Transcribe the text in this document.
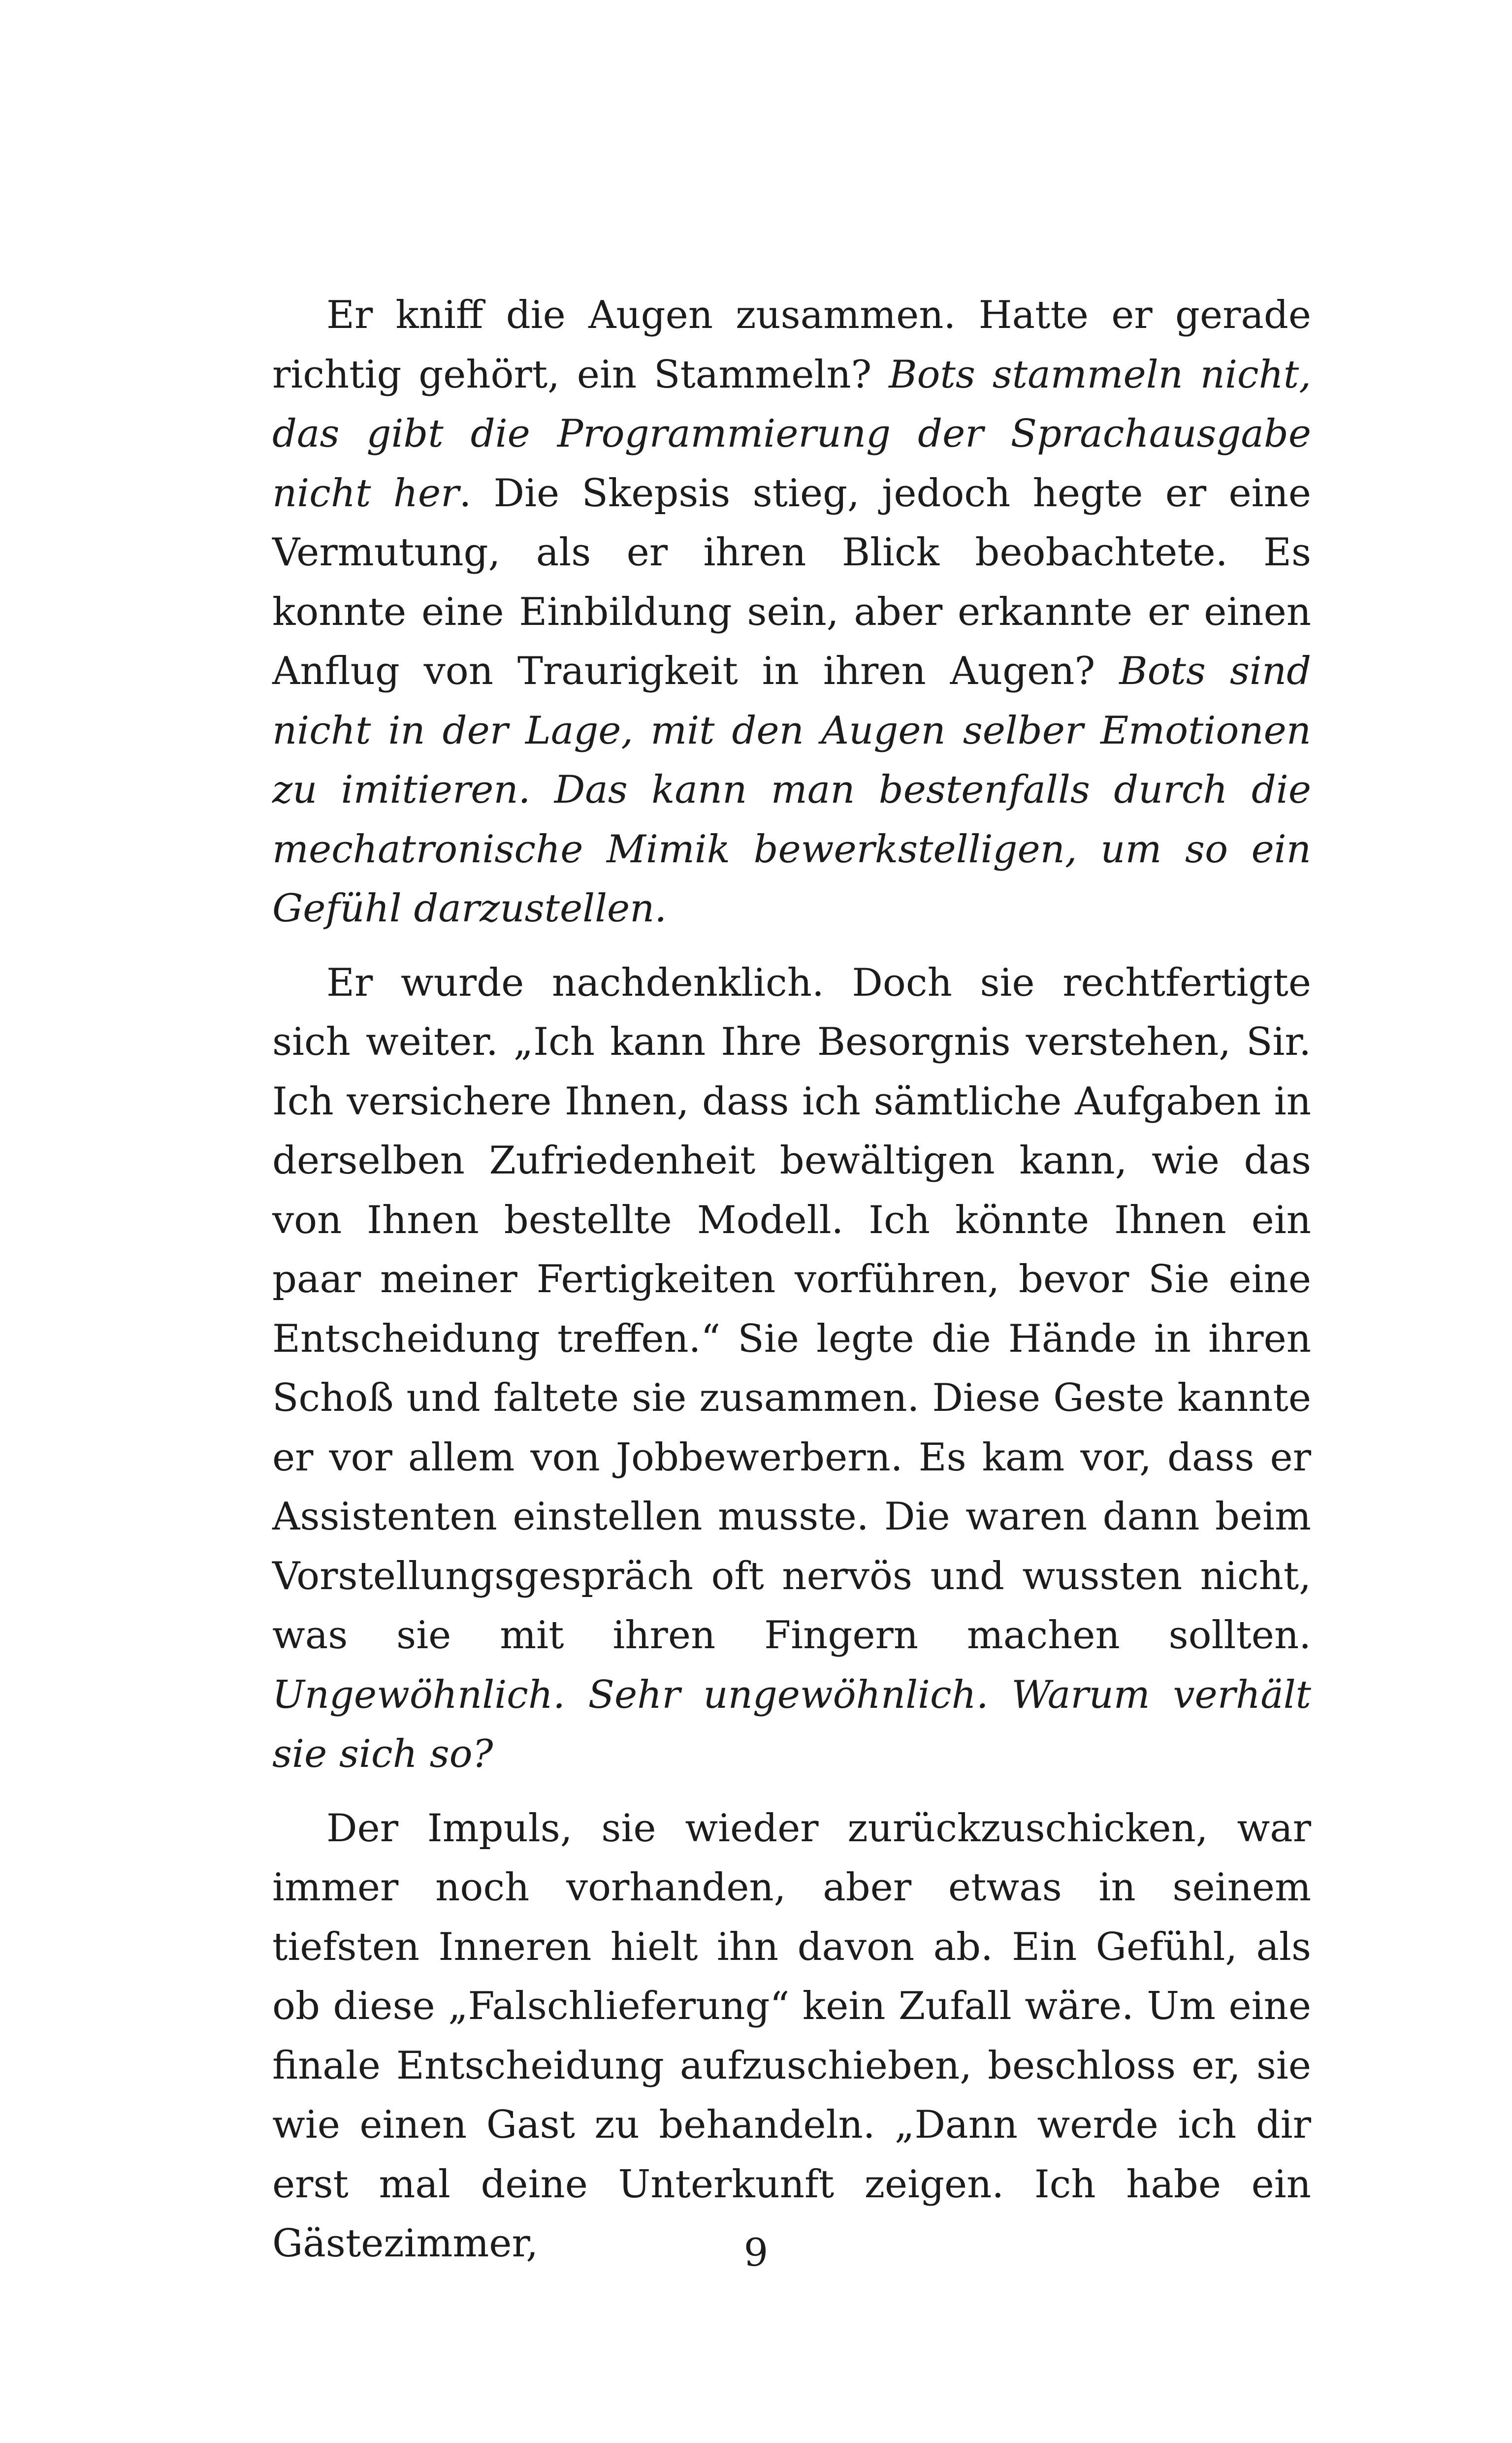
Er kniff die Augen zusammen. Hatte er gerade richtig gehört, ein Stammeln? Bots stammeln nicht, das gibt die Programmierung der Sprachausgabe nicht her. Die Skepsis stieg, jedoch hegte er eine Vermutung, als er ihren Blick beobachtete. Es konnte eine Einbildung sein, aber erkannte er einen Anflug von Traurigkeit in ihren Augen? Bots sind nicht in der Lage, mit den Augen selber Emotionen zu imitieren. Das kann man bestenfalls durch die mechatronische Mimik bewerkstelligen, um so ein Gefühl darzustellen.

Er wurde nachdenklich. Doch sie rechtfertigte sich weiter. „Ich kann Ihre Besorgnis verstehen, Sir. Ich versichere Ihnen, dass ich sämtliche Aufgaben in derselben Zufriedenheit bewältigen kann, wie das von Ihnen bestellte Modell. Ich könnte Ihnen ein paar meiner Fertigkeiten vorführen, bevor Sie eine Entscheidung treffen.“ Sie legte die Hände in ihren Schoß und faltete sie zusammen. Diese Geste kannte er vor allem von Jobbewerbern. Es kam vor, dass er Assistenten einstellen musste. Die waren dann beim Vorstellungsgespräch oft nervös und wussten nicht, was sie mit ihren Fingern machen sollten. Ungewöhnlich. Sehr ungewöhnlich. Warum verhält sie sich so?

Der Impuls, sie wieder zurückzuschicken, war immer noch vorhanden, aber etwas in seinem tiefsten Inneren hielt ihn davon ab. Ein Gefühl, als ob diese „Falschlieferung“ kein Zufall wäre. Um eine finale Entscheidung aufzuschieben, beschloss er, sie wie einen Gast zu behandeln. „Dann werde ich dir erst mal deine Unterkunft zeigen. Ich habe ein Gästezimmer,	9
